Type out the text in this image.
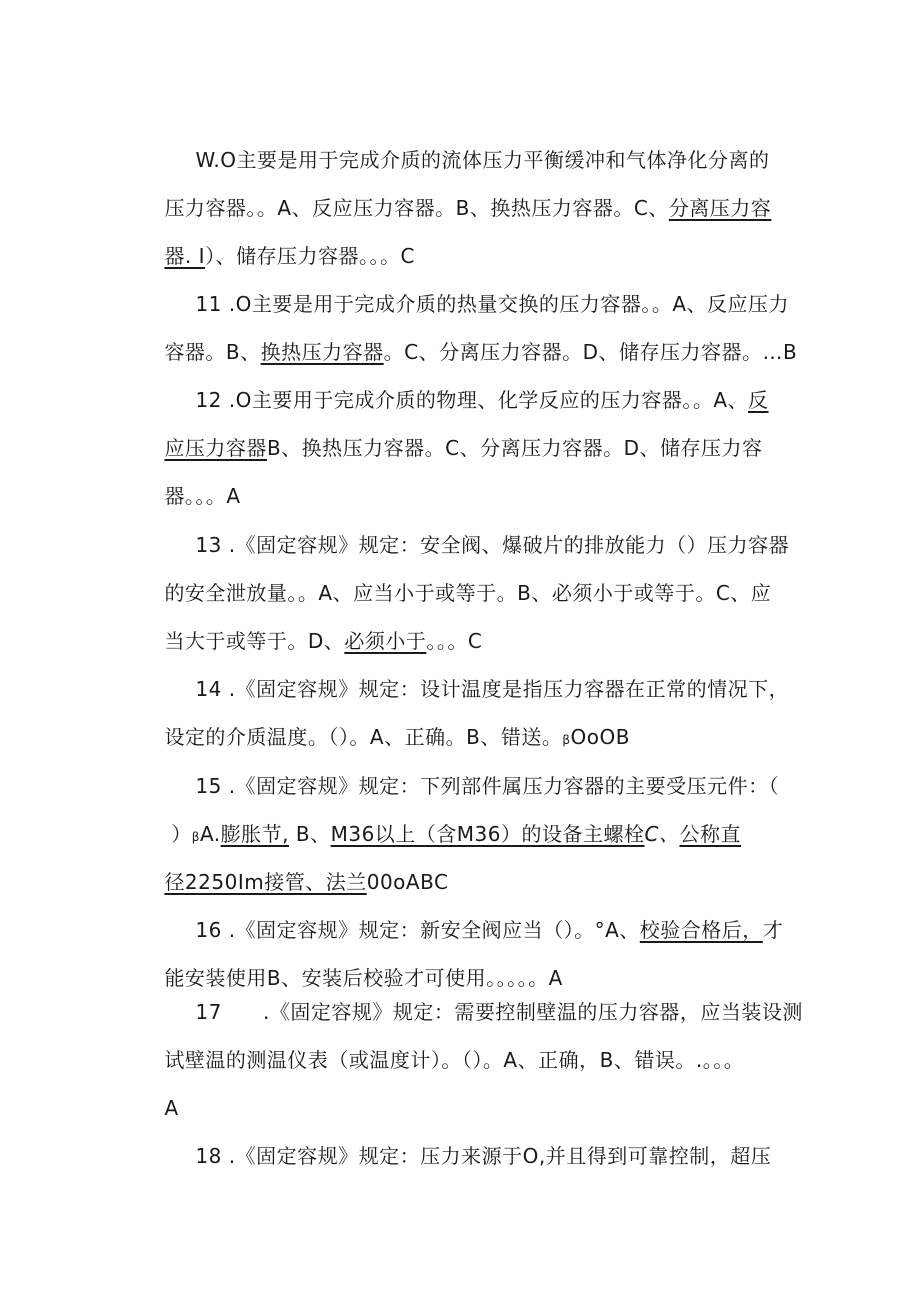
W.O主要是用于完成介质的流体压力平衡缓冲和气体净化分离的

压力容器。。A、反应压力容器。B、换热压力容器。C、分离压力容

器. I）、储存压力容器。。。C

11 .O主要是用于完成介质的热量交换的压力容器。。A、反应压力

容器。B、换热压力容器。C、分离压力容器。D、储存压力容器。…B

12 .O主要用于完成介质的物理、化学反应的压力容器。。A、反

应压力容器B、换热压力容器。C、分离压力容器。D、储存压力容

器。。。A

13 .《固定容规》规定：安全阀、爆破片的排放能力（）压力容器

的安全泄放量。。A、应当小于或等于。B、必须小于或等于。C、应

当大于或等于。D、必须小于。。。C

14 .《固定容规》规定：设计温度是指压力容器在正常的情况下，

设定的介质温度。（）。A、正确。B、错送。βOoOB

15 .《固定容规》规定：下列部件属压力容器的主要受压元件：（

）βA.膨胀节, B、M36以上（含M36）的设备主螺栓C、公称直

径2250Im接管、法兰00oABC

16 .《固定容规》规定：新安全阀应当（）。°A、校验合格后，才

能安装使用B、安装后校验才可使用。。。。。A

17      .《固定容规》规定：需要控制壁温的压力容器，应当装设测

试壁温的测温仪表（或温度计）。（）。A、正确，B、错误。.。。。

A

18 .《固定容规》规定：压力来源于O,并且得到可靠控制，超压
